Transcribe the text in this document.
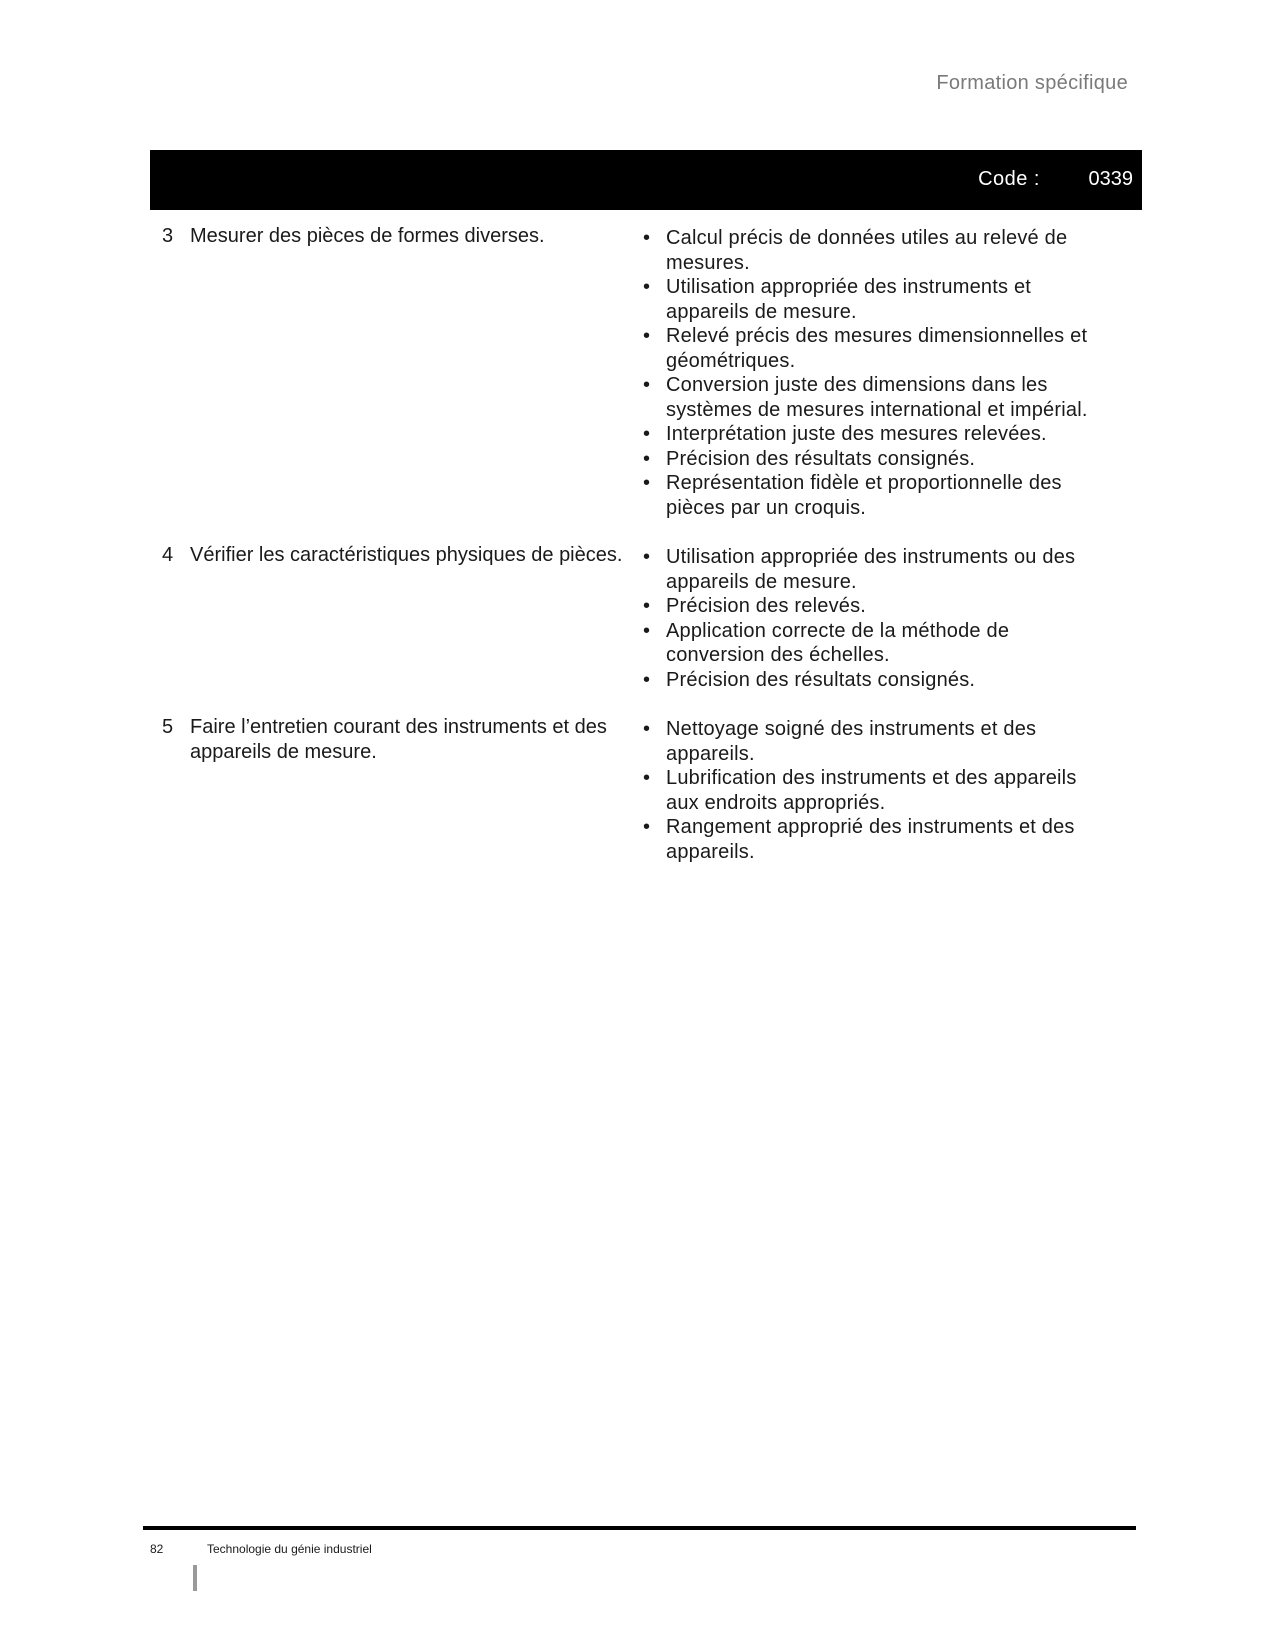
Formation spécifique
Code : 0339
3 Mesurer des pièces de formes diverses.	• Calcul précis de données utiles au relevé de mesures.
• Utilisation appropriée des instruments et appareils de mesure.
• Relevé précis des mesures dimensionnelles et géométriques.
• Conversion juste des dimensions dans les systèmes de mesures international et impérial.
• Interprétation juste des mesures relevées.
• Précision des résultats consignés.
• Représentation fidèle et proportionnelle des pièces par un croquis.
4 Vérifier les caractéristiques physiques de pièces.	• Utilisation appropriée des instruments ou des appareils de mesure.
• Précision des relevés.
• Application correcte de la méthode de conversion des échelles.
• Précision des résultats consignés.
5 Faire l’entretien courant des instruments et des appareils de mesure.
• Nettoyage soigné des instruments et des appareils.
• Lubrification des instruments et des appareils aux endroits appropriés.
• Rangement approprié des instruments et des appareils.
82	Technologie du génie industriel
